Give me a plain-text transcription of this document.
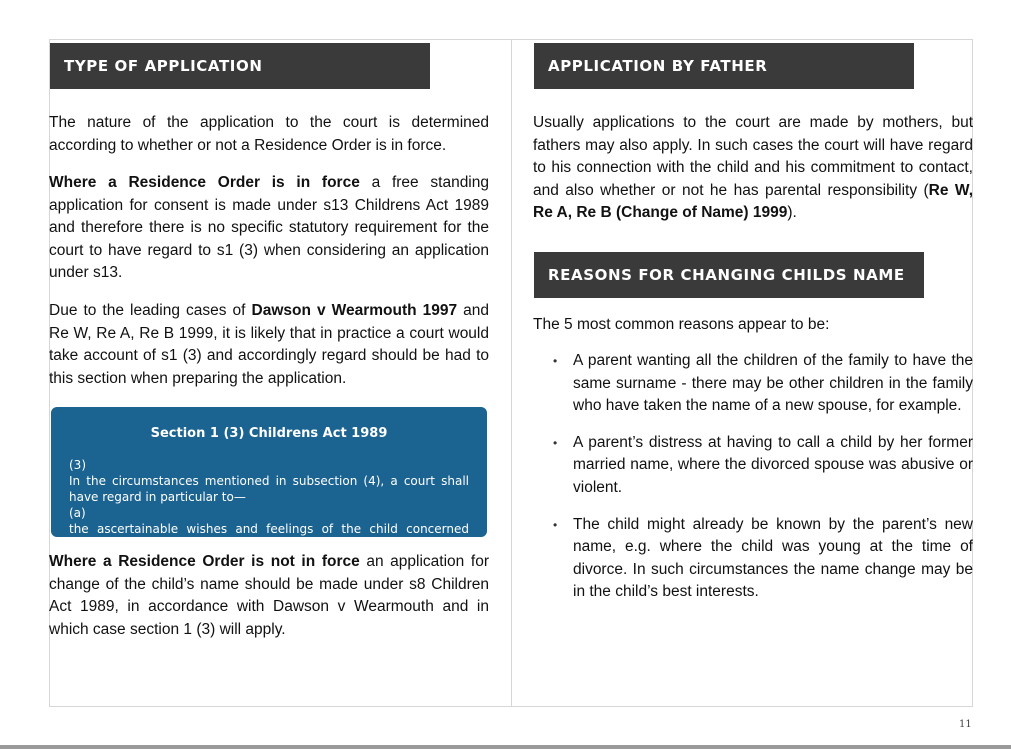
TYPE OF APPLICATION

The nature of the application to the court is determined according to whether or not a Residence Order is in force.

Where a Residence Order is in force a free standing application for consent is made under s13 Childrens Act 1989 and therefore there is no specific statutory requirement for the court to have regard to s1 (3) when considering an application under s13.

Due to the leading cases of Dawson v Wearmouth 1997 and Re W, Re A, Re B 1999, it is likely that in practice a court would take account of s1 (3) and accordingly regard should be had to this section when preparing the application.

Section 1 (3) Childrens Act 1989
(3)
In the circumstances mentioned in subsection (4), a court shall have regard in particular to—
(a)
the ascertainable wishes and feelings of the child concerned (considered

Where a Residence Order is not in force an application for change of the child’s name should be made under s8 Children Act 1989, in accordance with Dawson v Wearmouth and in which case section 1 (3) will apply.

APPLICATION BY FATHER

Usually applications to the court are made by mothers, but fathers may also apply. In such cases the court will have regard to his connection with the child and his commitment to contact, and also whether or not he has parental responsibility (Re W, Re A, Re B (Change of Name) 1999).

REASONS FOR CHANGING CHILDS NAME

The 5 most common reasons appear to be:

• A parent wanting all the children of the family to have the same surname - there may be other children in the family who have taken the name of a new spouse, for example.
• A parent’s distress at having to call a child by her former married name, where the divorced spouse was abusive or violent.
• The child might already be known by the parent’s new name, e.g. where the child was young at the time of divorce. In such circumstances the name change may be in the child’s best interests.
11
